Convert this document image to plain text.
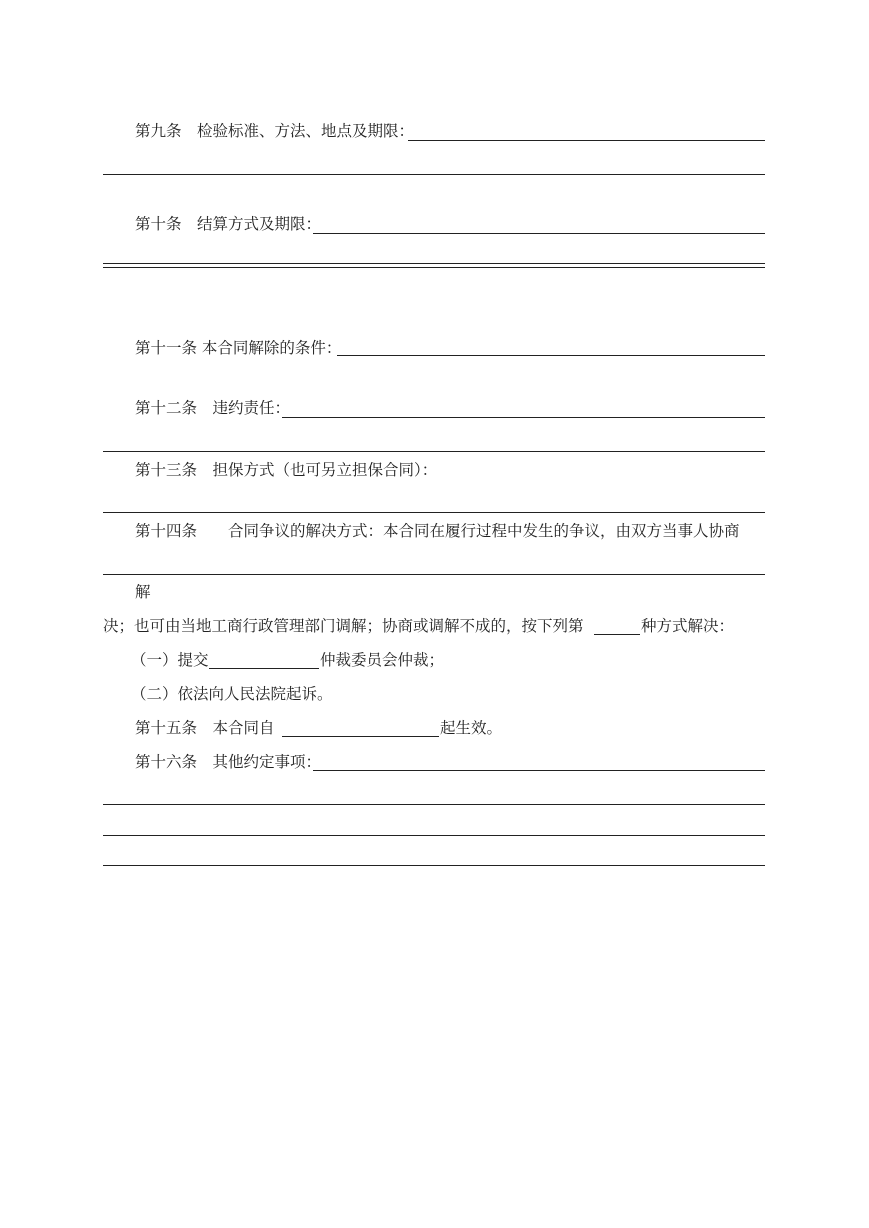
第九条　检验标准、方法、地点及期限：
第十条　结算方式及期限：
第十一条 本合同解除的条件：
第十二条　违约责任：
第十三条　担保方式（也可另立担保合同）：
第十四条　　合同争议的解决方式：本合同在履行过程中发生的争议，由双方当事人协商
解
决；也可由当地工商行政管理部门调解；协商或调解不成的，按下列第	种方式解决：
（一）提交	仲裁委员会仲裁；
（二）依法向人民法院起诉。
第十五条　本合同自	起生效。
第十六条　其他约定事项：
